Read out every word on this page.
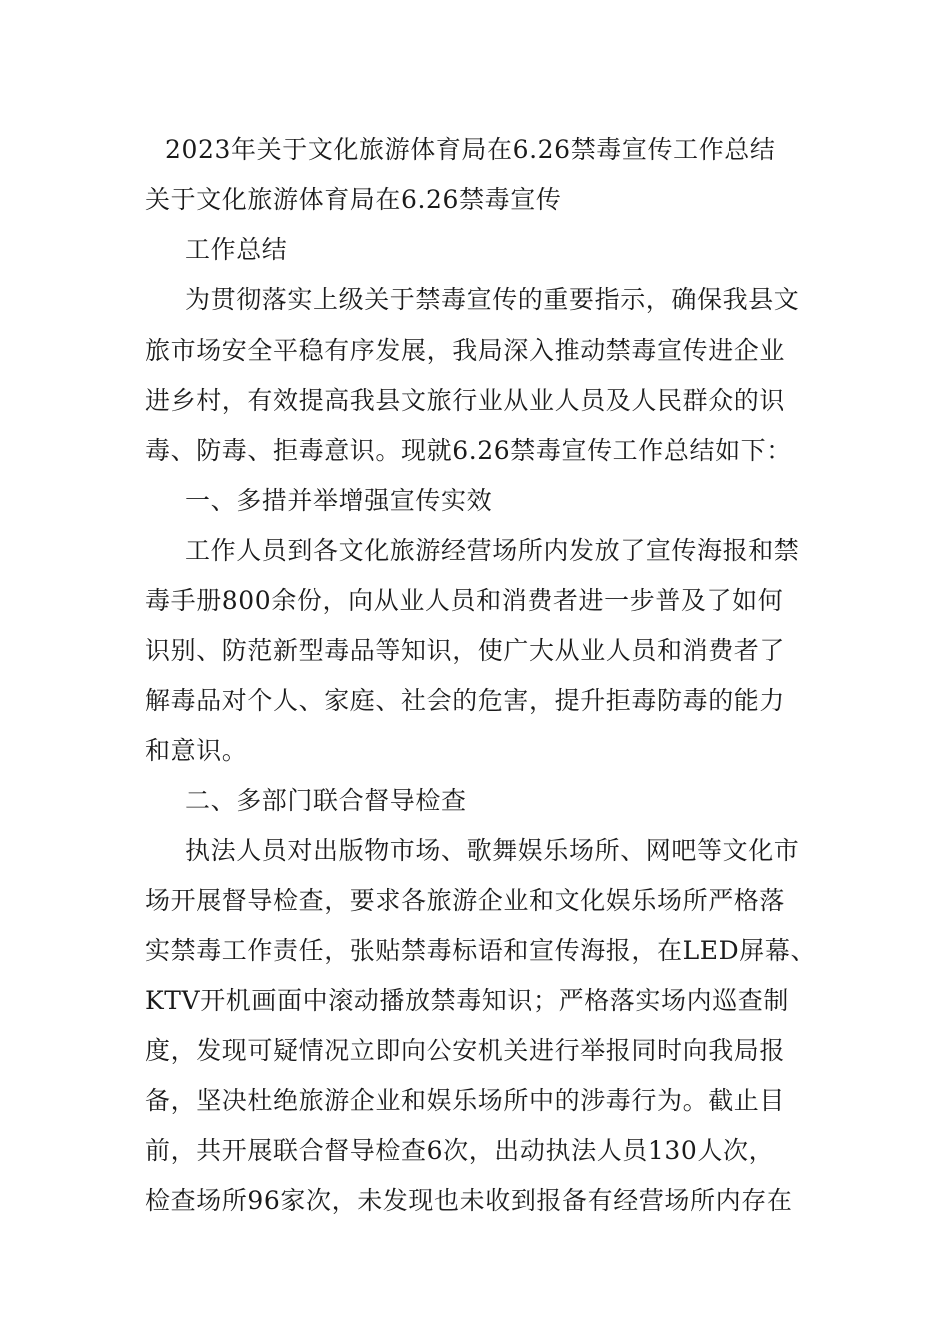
2023年关于文化旅游体育局在6.26禁毒宣传工作总结
关于文化旅游体育局在6.26禁毒宣传
工作总结
为贯彻落实上级关于禁毒宣传的重要指示，确保我县文
旅市场安全平稳有序发展，我局深入推动禁毒宣传进企业
进乡村，有效提高我县文旅行业从业人员及人民群众的识
毒、防毒、拒毒意识。现就6.26禁毒宣传工作总结如下：
一、多措并举增强宣传实效
工作人员到各文化旅游经营场所内发放了宣传海报和禁
毒手册800余份，向从业人员和消费者进一步普及了如何
识别、防范新型毒品等知识，使广大从业人员和消费者了
解毒品对个人、家庭、社会的危害，提升拒毒防毒的能力
和意识。
二、多部门联合督导检查
执法人员对出版物市场、歌舞娱乐场所、网吧等文化市
场开展督导检查，要求各旅游企业和文化娱乐场所严格落
实禁毒工作责任，张贴禁毒标语和宣传海报，在LED屏幕、
KTV开机画面中滚动播放禁毒知识；严格落实场内巡查制
度，发现可疑情况立即向公安机关进行举报同时向我局报
备，坚决杜绝旅游企业和娱乐场所中的涉毒行为。截止目
前，共开展联合督导检查6次，出动执法人员130人次，
检查场所96家次，未发现也未收到报备有经营场所内存在
